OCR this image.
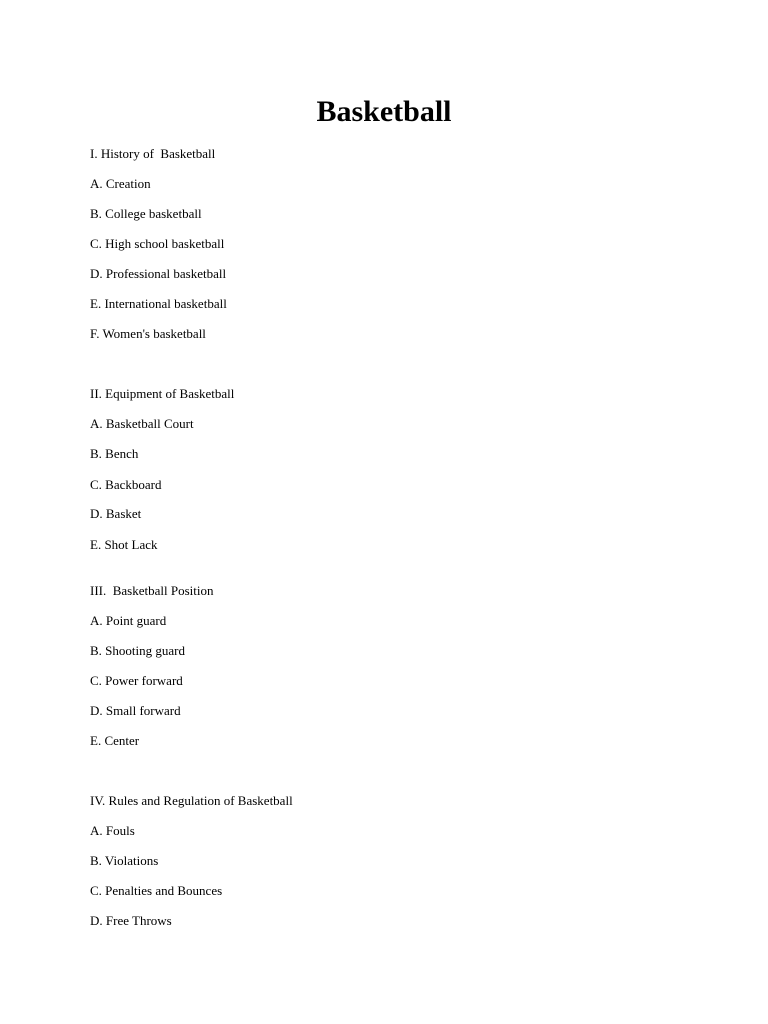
Basketball

I. History of  Basketball

A. Creation

B. College basketball

C. High school basketball

D. Professional basketball

E. International basketball

F. Women's basketball

II. Equipment of Basketball

A. Basketball Court

B. Bench

C. Backboard

D. Basket

E. Shot Lack

III.  Basketball Position

A. Point guard

B. Shooting guard

C. Power forward

D. Small forward

E. Center

IV. Rules and Regulation of Basketball

A. Fouls

B. Violations

C. Penalties and Bounces

D. Free Throws
